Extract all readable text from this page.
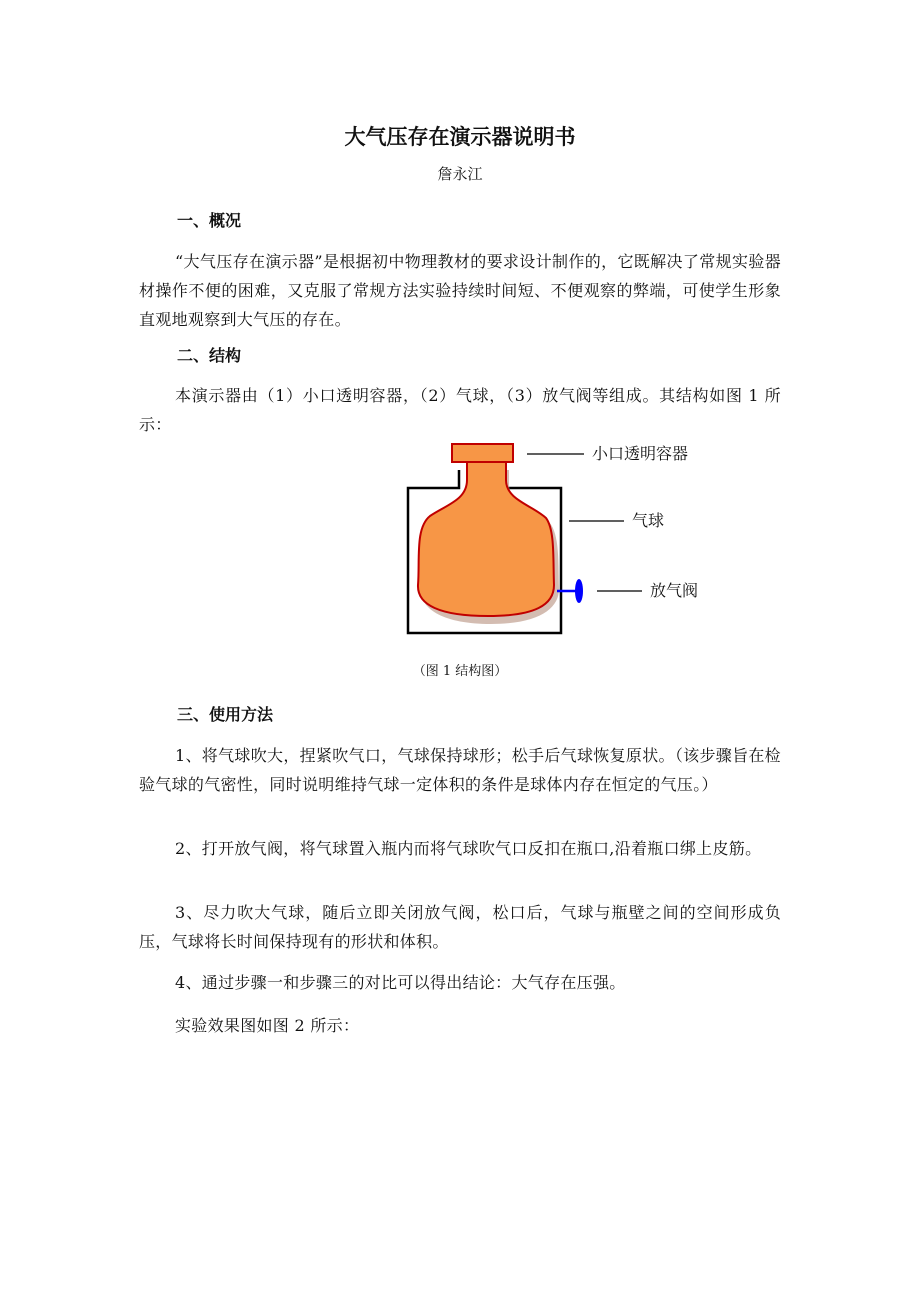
大气压存在演示器说明书
詹永江
一、概况
“大气压存在演示器”是根据初中物理教材的要求设计制作的，它既解决了常规实验器材操作不便的困难，又克服了常规方法实验持续时间短、不便观察的弊端，可使学生形象直观地观察到大气压的存在。
二、结构
本演示器由（1）小口透明容器，（2）气球，（3）放气阀等组成。其结构如图 1 所示：
（图 1 结构图）
三、使用方法
1、将气球吹大，捏紧吹气口，气球保持球形；松手后气球恢复原状。（该步骤旨在检验气球的气密性，同时说明维持气球一定体积的条件是球体内存在恒定的气压。）
2、打开放气阀，将气球置入瓶内而将气球吹气口反扣在瓶口,沿着瓶口绑上皮筋。
3、尽力吹大气球，随后立即关闭放气阀，松口后，气球与瓶壁之间的空间形成负压，气球将长时间保持现有的形状和体积。
4、通过步骤一和步骤三的对比可以得出结论：大气存在压强。
实验效果图如图 2 所示：
小口透明容器
气球
放气阀
